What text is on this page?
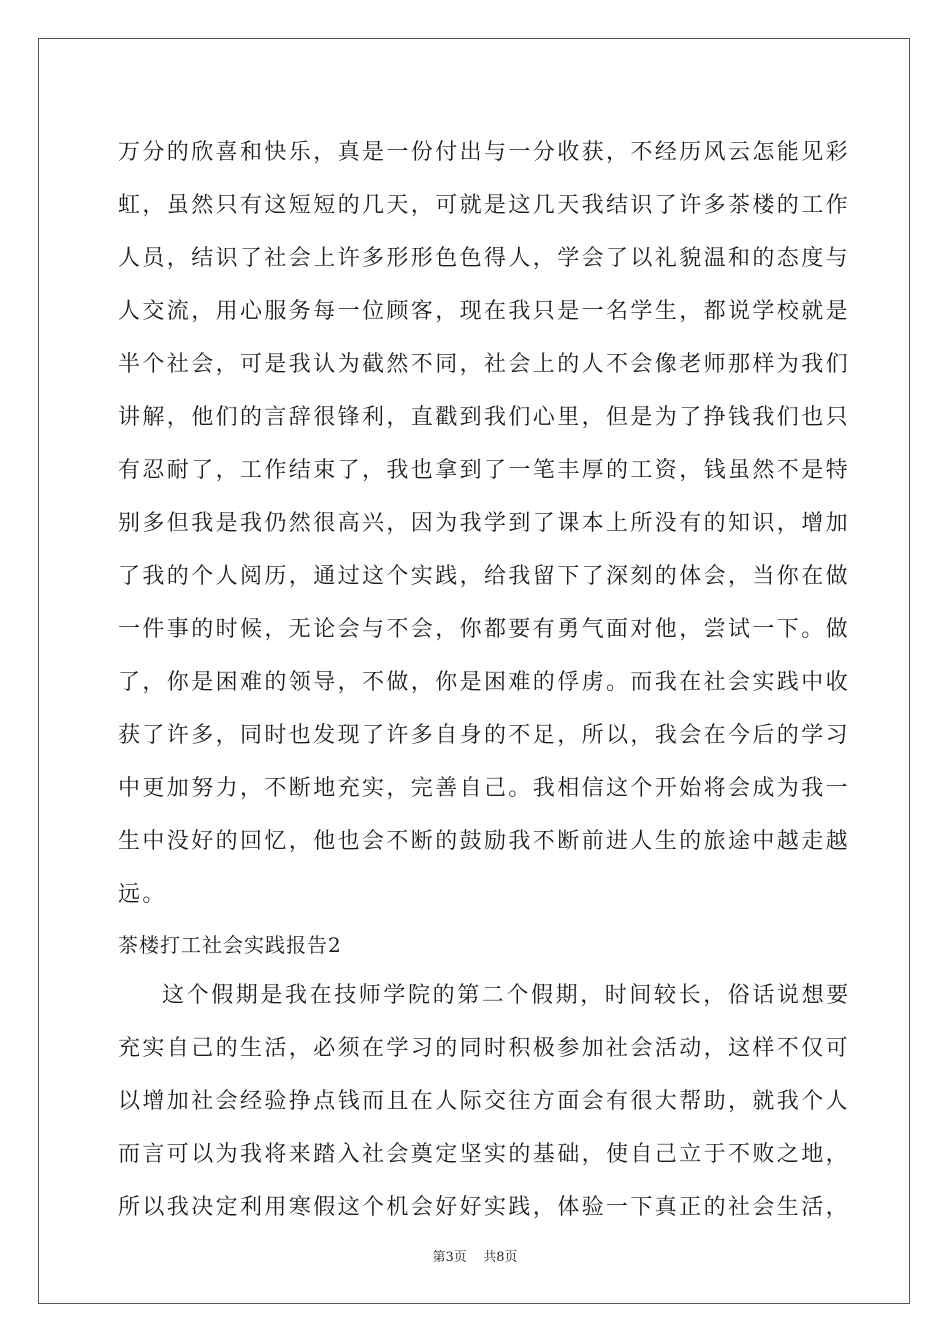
万分的欣喜和快乐，真是一份付出与一分收获，不经历风云怎能见彩
虹，虽然只有这短短的几天，可就是这几天我结识了许多茶楼的工作
人员，结识了社会上许多形形色色得人，学会了以礼貌温和的态度与
人交流，用心服务每一位顾客，现在我只是一名学生，都说学校就是
半个社会，可是我认为截然不同，社会上的人不会像老师那样为我们
讲解，他们的言辞很锋利，直戳到我们心里，但是为了挣钱我们也只
有忍耐了，工作结束了，我也拿到了一笔丰厚的工资，钱虽然不是特
别多但我是我仍然很高兴，因为我学到了课本上所没有的知识，增加
了我的个人阅历，通过这个实践，给我留下了深刻的体会，当你在做
一件事的时候，无论会与不会，你都要有勇气面对他，尝试一下。做
了，你是困难的领导，不做，你是困难的俘虏。而我在社会实践中收
获了许多，同时也发现了许多自身的不足，所以，我会在今后的学习
中更加努力，不断地充实，完善自己。我相信这个开始将会成为我一
生中没好的回忆，他也会不断的鼓励我不断前进人生的旅途中越走越
远。
茶楼打工社会实践报告2
这个假期是我在技师学院的第二个假期，时间较长，俗话说想要
充实自己的生活，必须在学习的同时积极参加社会活动，这样不仅可
以增加社会经验挣点钱而且在人际交往方面会有很大帮助，就我个人
而言可以为我将来踏入社会奠定坚实的基础，使自己立于不败之地，
所以我决定利用寒假这个机会好好实践，体验一下真正的社会生活，
第3页    共8页
